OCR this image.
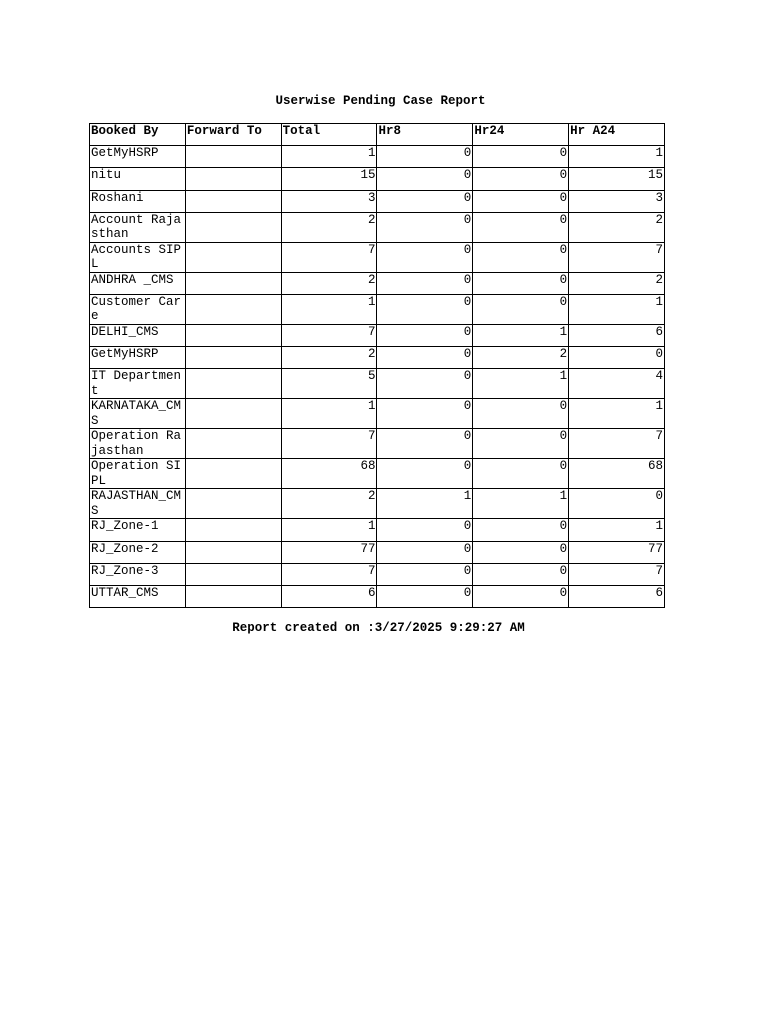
Userwise Pending Case Report
Booked By	Forward To	Total	Hr8	Hr24	Hr A24
GetMyHSRP		1	0	0	1
nitu		15	0	0	15
Roshani		3	0	0	3
Account Rajasthan		2	0	0	2
Accounts SIPL		7	0	0	7
ANDHRA _CMS		2	0	0	2
Customer Care		1	0	0	1
DELHI_CMS		7	0	1	6
GetMyHSRP		2	0	2	0
IT Department		5	0	1	4
KARNATAKA_CMS		1	0	0	1
Operation Rajasthan		7	0	0	7
Operation SIPL		68	0	0	68
RAJASTHAN_CMS		2	1	1	0
RJ_Zone-1		1	0	0	1
RJ_Zone-2		77	0	0	77
RJ_Zone-3		7	0	0	7
UTTAR_CMS		6	0	0	6
Report created on :3/27/2025 9:29:27 AM
